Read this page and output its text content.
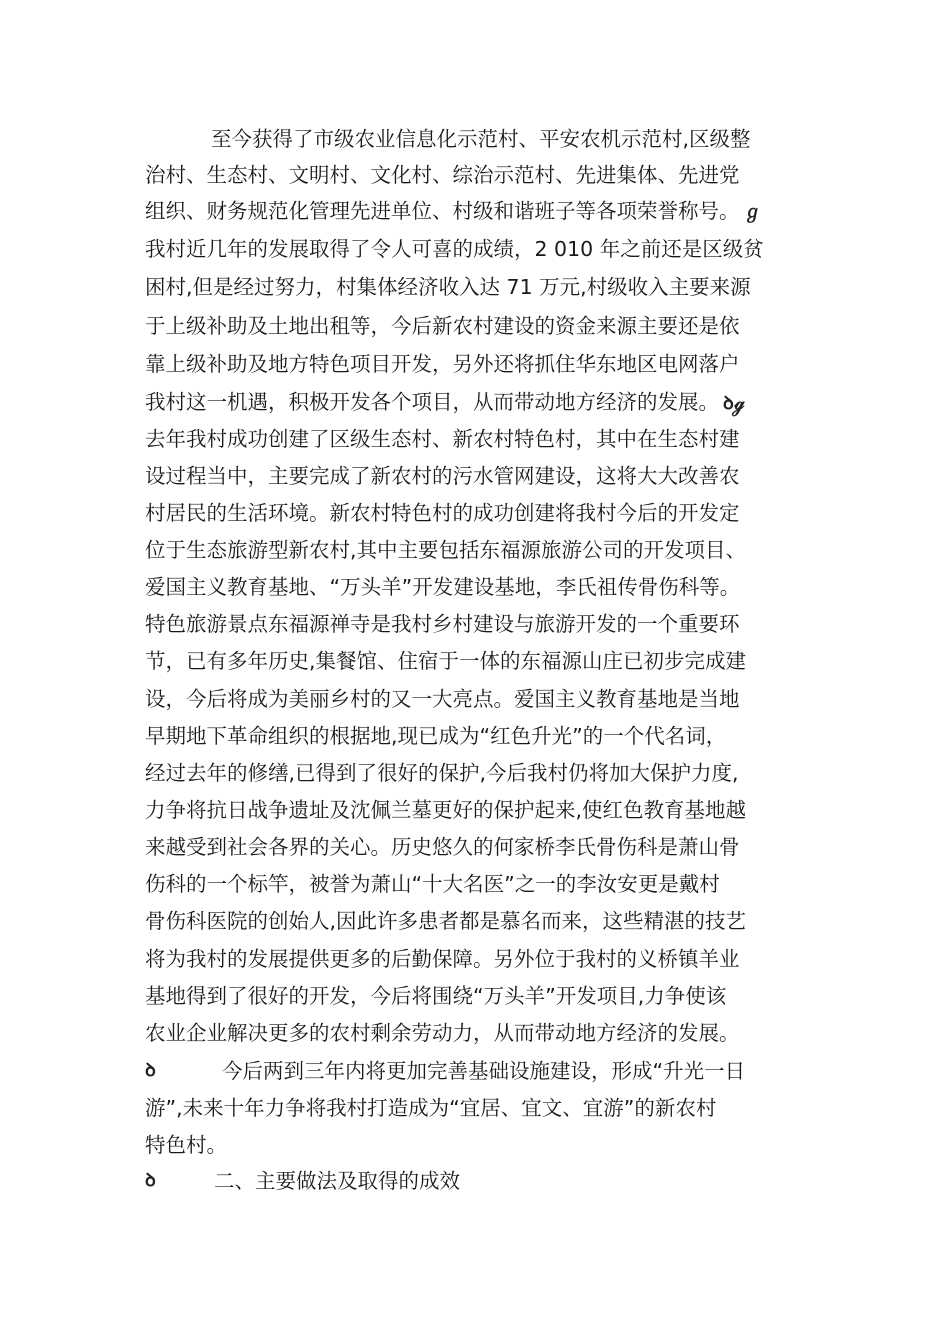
至今获得了市级农业信息化示范村、平安农机示范村,区级整
治村、生态村、文明村、文化村、综治示范村、先进集体、先进党
组织、财务规范化管理先进单位、村级和谐班子等各项荣誉称号。 ℊ
我村近几年的发展取得了令人可喜的成绩，2 010 年之前还是区级贫
困村,但是经过努力，村集体经济收入达 71 万元,村级收入主要来源
于上级补助及土地出租等，今后新农村建设的资金来源主要还是依
靠上级补助及地方特色项目开发，另外还将抓住华东地区电网落户
我村这一机遇，积极开发各个项目，从而带动地方经济的发展。 ꝺℊ
去年我村成功创建了区级生态村、新农村特色村，其中在生态村建
设过程当中，主要完成了新农村的污水管网建设，这将大大改善农
村居民的生活环境。新农村特色村的成功创建将我村今后的开发定
位于生态旅游型新农村,其中主要包括东福源旅游公司的开发项目、
爱国主义教育基地、“万头羊”开发建设基地，李氏祖传骨伤科等。
特色旅游景点东福源禅寺是我村乡村建设与旅游开发的一个重要环
节，已有多年历史,集餐馆、住宿于一体的东福源山庄已初步完成建
设，今后将成为美丽乡村的又一大亮点。爱国主义教育基地是当地
早期地下革命组织的根据地,现已成为“红色升光”的一个代名词，
经过去年的修缮,已得到了很好的保护,今后我村仍将加大保护力度,
力争将抗日战争遗址及沈佩兰墓更好的保护起来,使红色教育基地越
来越受到社会各界的关心。历史悠久的何家桥李氏骨伤科是萧山骨
伤科的一个标竿，被誉为萧山“十大名医”之一的李汝安更是戴村
骨伤科医院的创始人,因此许多患者都是慕名而来，这些精湛的技艺
将为我村的发展提供更多的后勤保障。另外位于我村的义桥镇羊业
基地得到了很好的开发，今后将围绕“万头羊”开发项目,力争使该
农业企业解决更多的农村剩余劳动力，从而带动地方经济的发展。
ꝺ	今后两到三年内将更加完善基础设施建设，形成“升光一日
游”,未来十年力争将我村打造成为“宜居、宜文、宜游”的新农村
特色村。
ꝺ	二、主要做法及取得的成效
